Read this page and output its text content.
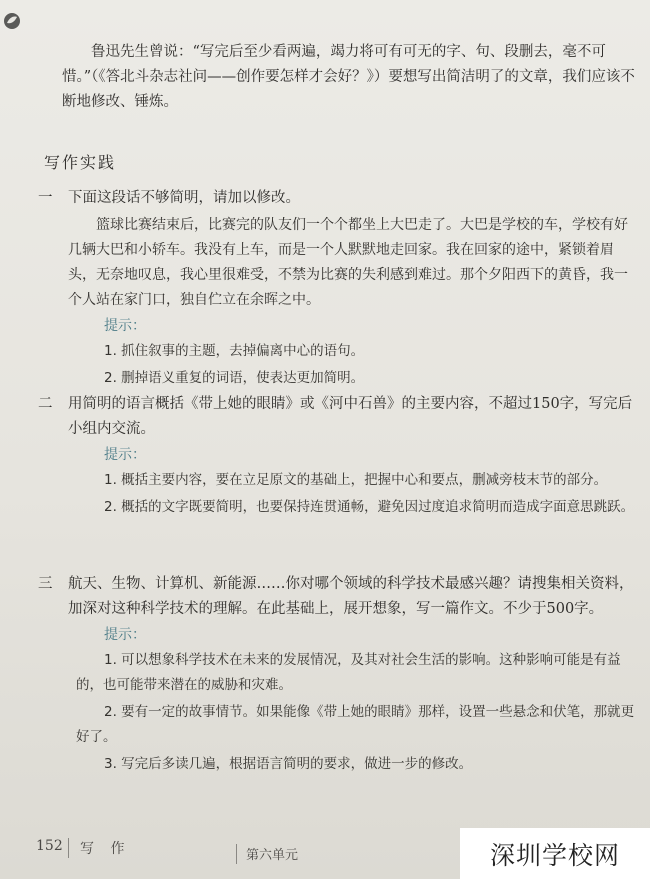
鲁迅先生曾说：“写完后至少看两遍，竭力将可有可无的字、句、段删去，毫不可惜。”（《答北斗杂志社问——创作要怎样才会好？》）要想写出简洁明了的文章，我们应该不断地修改、锤炼。

写作实践
一 下面这段话不够简明，请加以修改。
篮球比赛结束后，比赛完的队友们一个个都坐上大巴走了。大巴是学校的车，学校有好几辆大巴和小轿车。我没有上车，而是一个人默默地走回家。我在回家的途中，紧锁着眉头，无奈地叹息，我心里很难受，不禁为比赛的失利感到难过。那个夕阳西下的黄昏，我一个人站在家门口，独自伫立在余晖之中。
提示：
1. 抓住叙事的主题，去掉偏离中心的语句。
2. 删掉语义重复的词语，使表达更加简明。
二 用简明的语言概括《带上她的眼睛》或《河中石兽》的主要内容，不超过150字，写完后小组内交流。
提示：
1. 概括主要内容，要在立足原文的基础上，把握中心和要点，删减旁枝末节的部分。
2. 概括的文字既要简明，也要保持连贯通畅，避免因过度追求简明而造成字面意思跳跃。
三 航天、生物、计算机、新能源……你对哪个领域的科学技术最感兴趣？请搜集相关资料，加深对这种科学技术的理解。在此基础上，展开想象，写一篇作文。不少于500字。
提示：
1. 可以想象科学技术在未来的发展情况，及其对社会生活的影响。这种影响可能是有益的，也可能带来潜在的威胁和灾难。
2. 要有一定的故事情节。如果能像《带上她的眼睛》那样，设置一些悬念和伏笔，那就更好了。
3. 写完后多读几遍，根据语言简明的要求，做进一步的修改。
152 写 作	第六单元	深圳学校网
